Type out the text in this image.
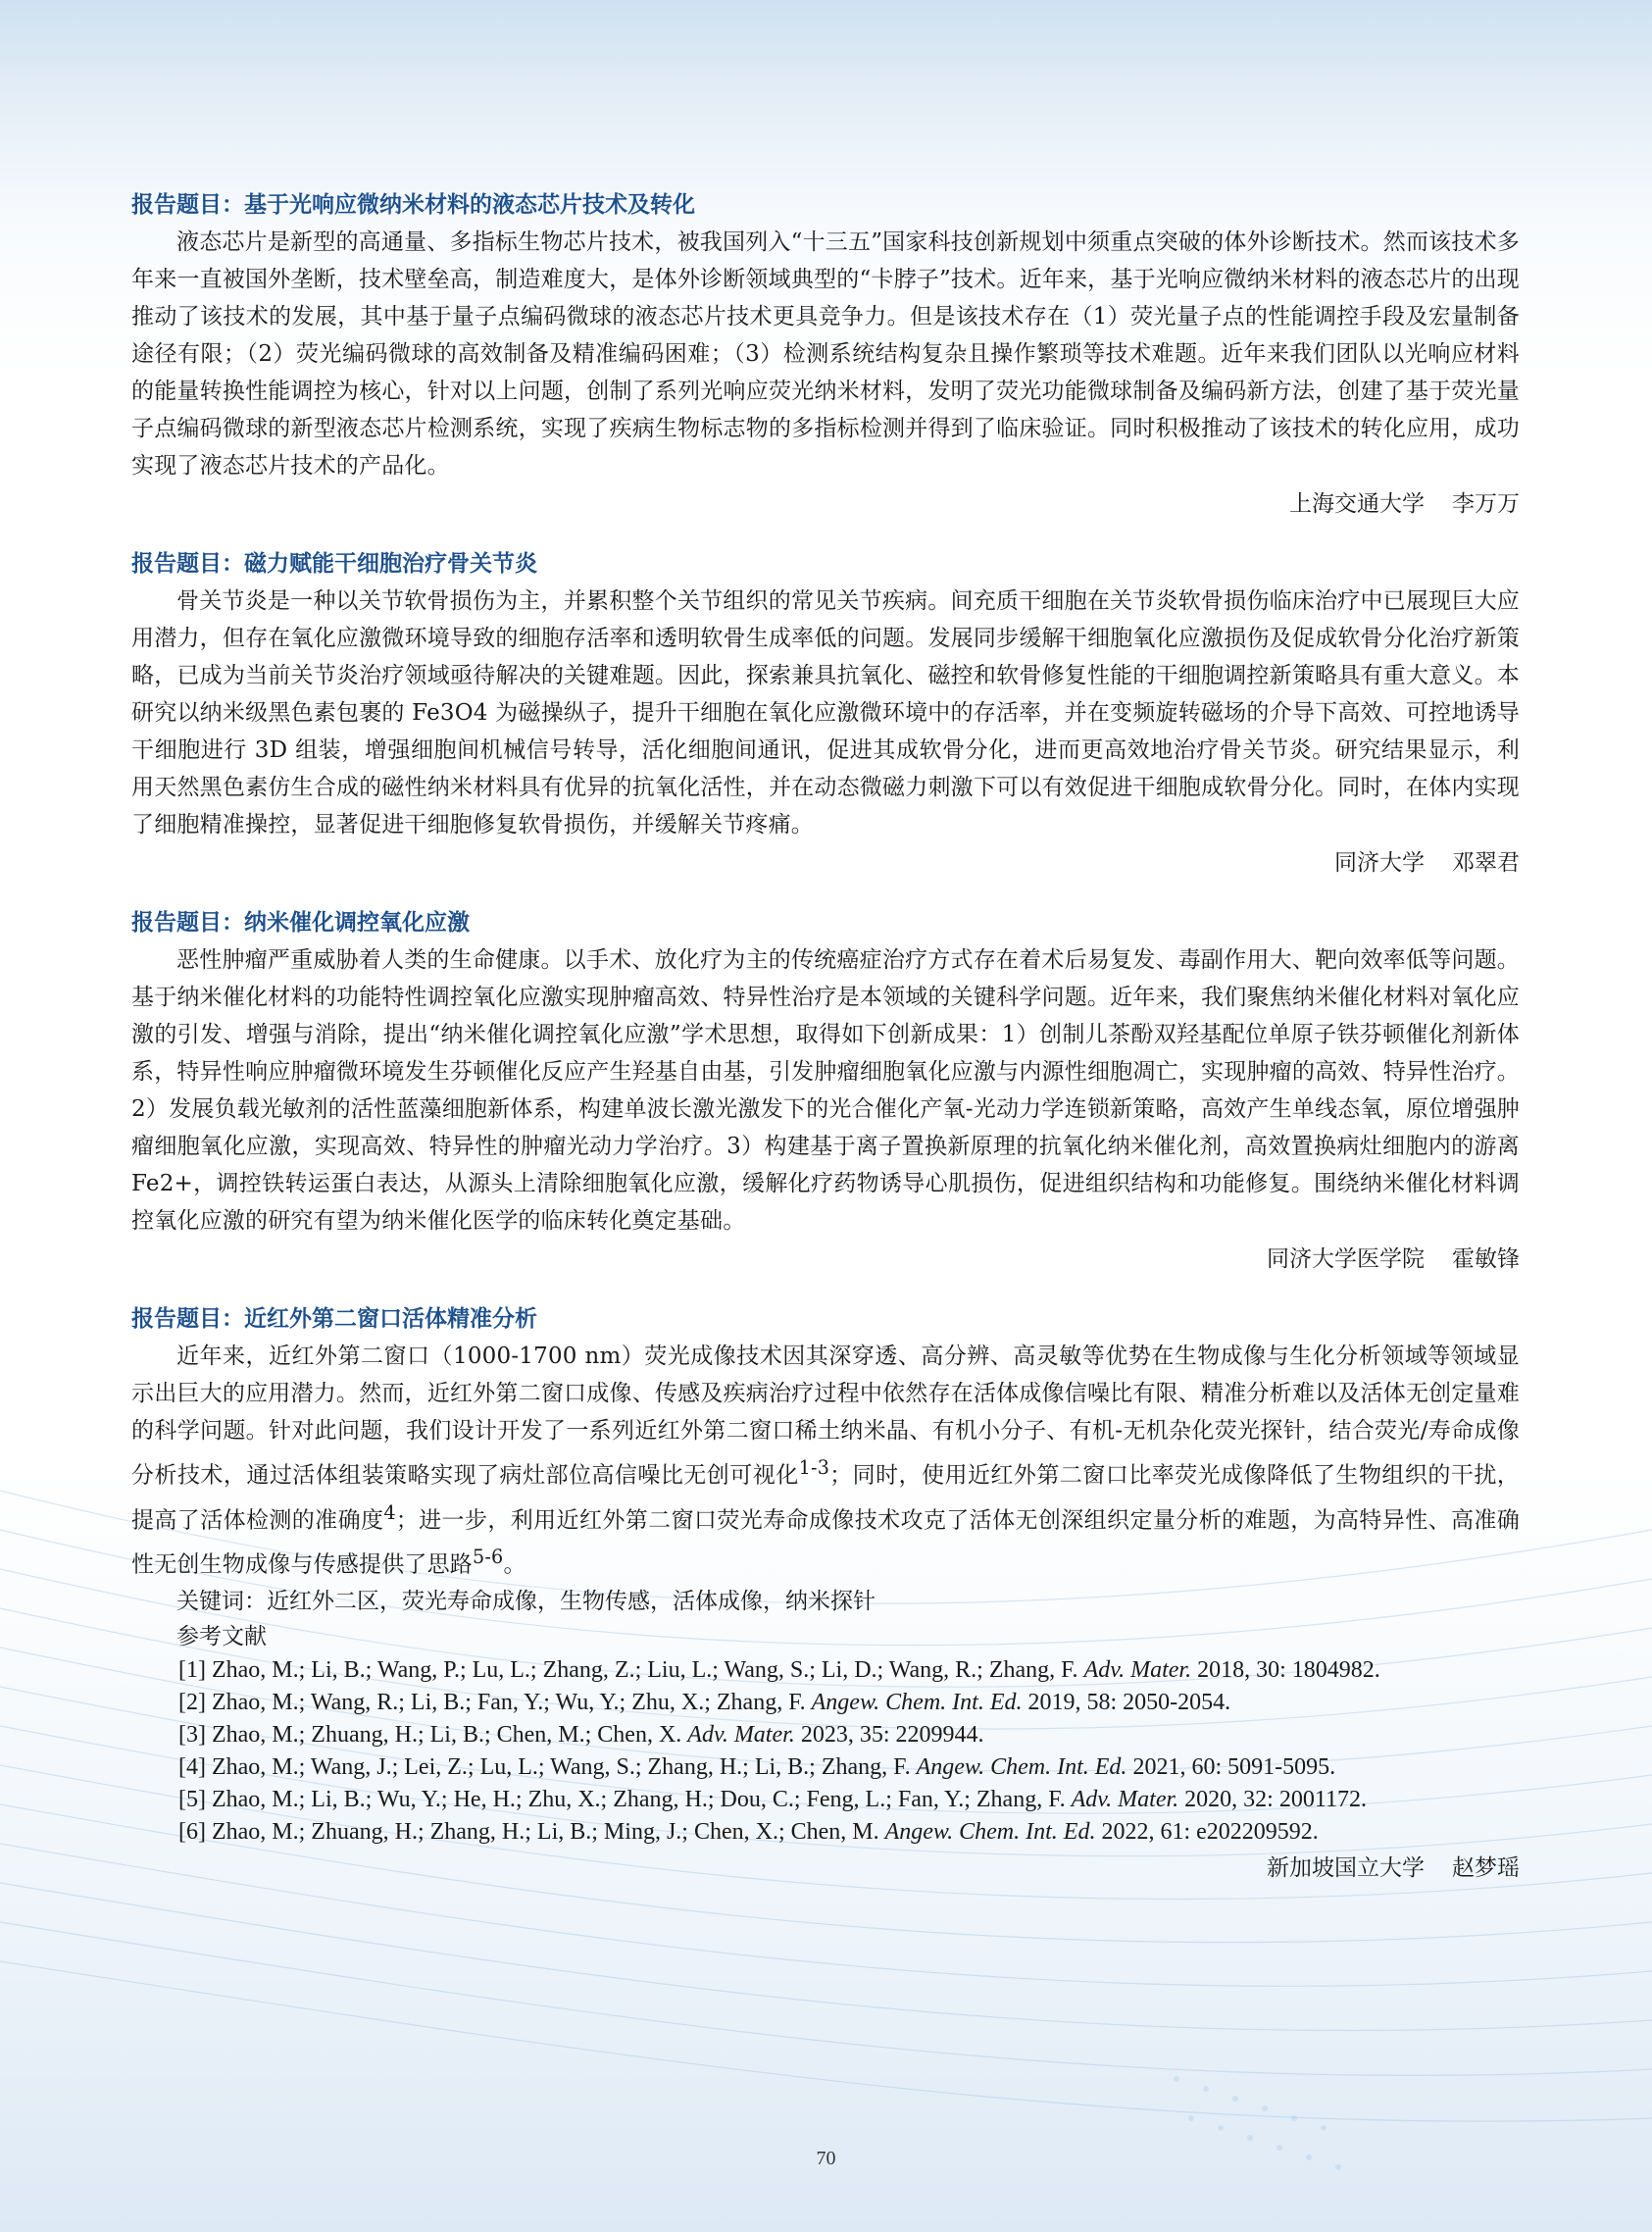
报告题目：基于光响应微纳米材料的液态芯片技术及转化

液态芯片是新型的高通量、多指标生物芯片技术，被我国列入“十三五”国家科技创新规划中须重点突破的体外诊断技术。然而该技术多年来一直被国外垄断，技术壁垒高，制造难度大，是体外诊断领域典型的“卡脖子”技术。近年来，基于光响应微纳米材料的液态芯片的出现推动了该技术的发展，其中基于量子点编码微球的液态芯片技术更具竞争力。但是该技术存在（1）荧光量子点的性能调控手段及宏量制备途径有限；（2）荧光编码微球的高效制备及精准编码困难；（3）检测系统结构复杂且操作繁琐等技术难题。近年来我们团队以光响应材料的能量转换性能调控为核心，针对以上问题，创制了系列光响应荧光纳米材料，发明了荧光功能微球制备及编码新方法，创建了基于荧光量子点编码微球的新型液态芯片检测系统，实现了疾病生物标志物的多指标检测并得到了临床验证。同时积极推动了该技术的转化应用，成功实现了液态芯片技术的产品化。

上海交通大学 李万万

报告题目：磁力赋能干细胞治疗骨关节炎

骨关节炎是一种以关节软骨损伤为主，并累积整个关节组织的常见关节疾病。间充质干细胞在关节炎软骨损伤临床治疗中已展现巨大应用潜力，但存在氧化应激微环境导致的细胞存活率和透明软骨生成率低的问题。发展同步缓解干细胞氧化应激损伤及促成软骨分化治疗新策略，已成为当前关节炎治疗领域亟待解决的关键难题。因此，探索兼具抗氧化、磁控和软骨修复性能的干细胞调控新策略具有重大意义。本研究以纳米级黑色素包裹的 Fe3O4 为磁操纵子，提升干细胞在氧化应激微环境中的存活率，并在变频旋转磁场的介导下高效、可控地诱导干细胞进行 3D 组装，增强细胞间机械信号转导，活化细胞间通讯，促进其成软骨分化，进而更高效地治疗骨关节炎。研究结果显示，利用天然黑色素仿生合成的磁性纳米材料具有优异的抗氧化活性，并在动态微磁力刺激下可以有效促进干细胞成软骨分化。同时，在体内实现了细胞精准操控，显著促进干细胞修复软骨损伤，并缓解关节疼痛。

同济大学 邓翠君

报告题目：纳米催化调控氧化应激

恶性肿瘤严重威胁着人类的生命健康。以手术、放化疗为主的传统癌症治疗方式存在着术后易复发、毒副作用大、靶向效率低等问题。基于纳米催化材料的功能特性调控氧化应激实现肿瘤高效、特异性治疗是本领域的关键科学问题。近年来，我们聚焦纳米催化材料对氧化应激的引发、增强与消除，提出“纳米催化调控氧化应激”学术思想，取得如下创新成果：1）创制儿茶酚双羟基配位单原子铁芬顿催化剂新体系，特异性响应肿瘤微环境发生芬顿催化反应产生羟基自由基，引发肿瘤细胞氧化应激与内源性细胞凋亡，实现肿瘤的高效、特异性治疗。2）发展负载光敏剂的活性蓝藻细胞新体系，构建单波长激光激发下的光合催化产氧-光动力学连锁新策略，高效产生单线态氧，原位增强肿瘤细胞氧化应激，实现高效、特异性的肿瘤光动力学治疗。3）构建基于离子置换新原理的抗氧化纳米催化剂，高效置换病灶细胞内的游离 Fe2+，调控铁转运蛋白表达，从源头上清除细胞氧化应激，缓解化疗药物诱导心肌损伤，促进组织结构和功能修复。围绕纳米催化材料调控氧化应激的研究有望为纳米催化医学的临床转化奠定基础。

同济大学医学院 霍敏锋

报告题目：近红外第二窗口活体精准分析

近年来，近红外第二窗口（1000-1700 nm）荧光成像技术因其深穿透、高分辨、高灵敏等优势在生物成像与生化分析领域等领域显示出巨大的应用潜力。然而，近红外第二窗口成像、传感及疾病治疗过程中依然存在活体成像信噪比有限、精准分析难以及活体无创定量难的科学问题。针对此问题，我们设计开发了一系列近红外第二窗口稀土纳米晶、有机小分子、有机-无机杂化荧光探针，结合荧光/寿命成像分析技术，通过活体组装策略实现了病灶部位高信噪比无创可视化$^{1-3}$；同时，使用近红外第二窗口比率荧光成像降低了生物组织的干扰，提高了活体检测的准确度$^4$；进一步，利用近红外第二窗口荧光寿命成像技术攻克了活体无创深组织定量分析的难题，为高特异性、高准确性无创生物成像与传感提供了思路$^{5-6}$。

关键词：近红外二区，荧光寿命成像，生物传感，活体成像，纳米探针

参考文献

[1] Zhao, M.; Li, B.; Wang, P.; Lu, L.; Zhang, Z.; Liu, L.; Wang, S.; Li, D.; Wang, R.; Zhang, F. Adv. Mater. 2018, 30: 1804982.

[2] Zhao, M.; Wang, R.; Li, B.; Fan, Y.; Wu, Y.; Zhu, X.; Zhang, F. Angew. Chem. Int. Ed. 2019, 58: 2050-2054.

[3] Zhao, M.; Zhuang, H.; Li, B.; Chen, M.; Chen, X. Adv. Mater. 2023, 35: 2209944.

[4] Zhao, M.; Wang, J.; Lei, Z.; Lu, L.; Wang, S.; Zhang, H.; Li, B.; Zhang, F. Angew. Chem. Int. Ed. 2021, 60: 5091-5095.

[5] Zhao, M.; Li, B.; Wu, Y.; He, H.; Zhu, X.; Zhang, H.; Dou, C.; Feng, L.; Fan, Y.; Zhang, F. Adv. Mater. 2020, 32: 2001172.

[6] Zhao, M.; Zhuang, H.; Zhang, H.; Li, B.; Ming, J.; Chen, X.; Chen, M. Angew. Chem. Int. Ed. 2022, 61: e202209592.

新加坡国立大学 赵梦瑶

70
